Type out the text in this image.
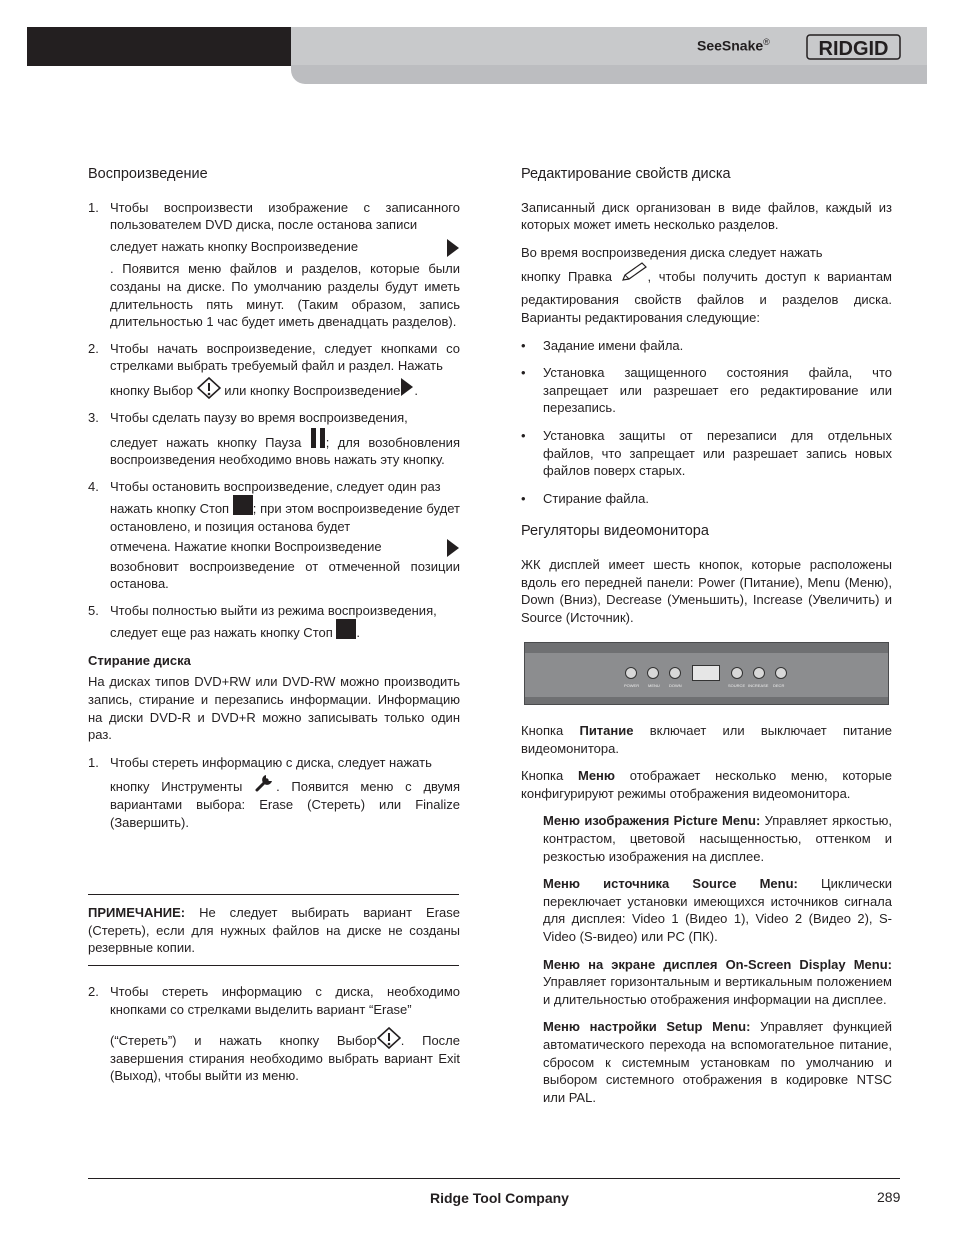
SeeSnake® RIDGID

Воспроизведение

1. Чтобы воспроизвести изображение с записанного пользователем DVD диска, после останова записи
следует нажать кнопку Воспроизведение
. Появится меню файлов и разделов, которые были созданы на диске. По умолчанию разделы будут иметь длительность пять минут. (Таким образом, запись длительностью 1 час будет иметь двенадцать разделов).
2. Чтобы начать воспроизведение, следует кнопками со стрелками выбрать требуемый файл и раздел. Нажать
кнопку Выбор или кнопку Воспроизведение .
3. Чтобы сделать паузу во время воспроизведения,
следует нажать кнопку Пауза ; для возобновления воспроизведения необходимо вновь нажать эту кнопку.
4. Чтобы остановить воспроизведение, следует один раз
нажать кнопку Стоп ; при этом воспроизведение будет остановлено, и позиция останова будет

отмечена. Нажатие кнопки Воспроизведение
возобновит воспроизведение от отмеченной позиции останова.
5. Чтобы полностью выйти из режима воспроизведения,
следует еще раз нажать кнопку Стоп .

Стирание диска

На дисках типов DVD+RW или DVD-RW можно производить запись, стирание и перезапись информации. Информацию на диски DVD-R и DVD+R можно записывать только один раз.

1. Чтобы стереть информацию с диска, следует нажать
кнопку Инструменты	. Появится меню с двумя вариантами выбора: Erase (Стереть) или Finalize (Завершить).

ПРИМЕЧАНИЕ: Не следует выбирать вариант Erase (Стереть), если для нужных файлов на диске не созданы резервные копии.

2. Чтобы стереть информацию с диска, необходимо кнопками со стрелками выделить вариант “Erase”
(“Стереть”) и нажать кнопку Выбор . После завершения стирания необходимо выбрать вариант Exit (Выход), чтобы выйти из меню.

Редактирование свойств диска

Записанный диск организован в виде файлов, каждый из которых может иметь несколько разделов.

Во время воспроизведения диска следует нажать
кнопку Правка	, чтобы получить доступ к вариантам редактирования свойств файлов и разделов диска. Варианты редактирования следующие:
• Задание имени файла.
• Установка защищенного состояния файла, что запрещает или разрешает его редактирование или перезапись.
• Установка защиты от перезаписи для отдельных файлов, что запрещает или разрешает запись новых файлов поверх старых.
• Стирание файла.

Регуляторы видеомонитора

ЖК дисплей имеет шесть кнопок, которые расположены вдоль его передней панели: Power (Питание), Menu (Меню), Down (Вниз), Decrease (Уменьшить), Increase (Увеличить) и Source (Источник).

POWER MENU DOWN	SOURCE INCREASE DECR

Кнопка Питание включает или выключает питание видеомонитора.

Кнопка Меню отображает несколько меню, которые конфигурируют режимы отображения видеомонитора.

Меню изображения Picture Menu: Управляет яркостью, контрастом, цветовой насыщенностью, оттенком и резкостью изображения на дисплее.

Меню источника Source Menu: Циклически переключает установки имеющихся источников сигнала для дисплея: Video 1 (Видео 1), Video 2 (Видео 2), S-Video (S-видео) или PC (ПК).

Меню на экране дисплея On-Screen Display Menu: Управляет горизонтальным и вертикальным положением и длительностью отображения информации на дисплее.

Меню настройки Setup Menu: Управляет функцией автоматического перехода на вспомогательное питание, сбросом к системным установкам по умолчанию и выбором системного отображения в кодировке NTSC или PAL.

Ridge Tool Company	289
